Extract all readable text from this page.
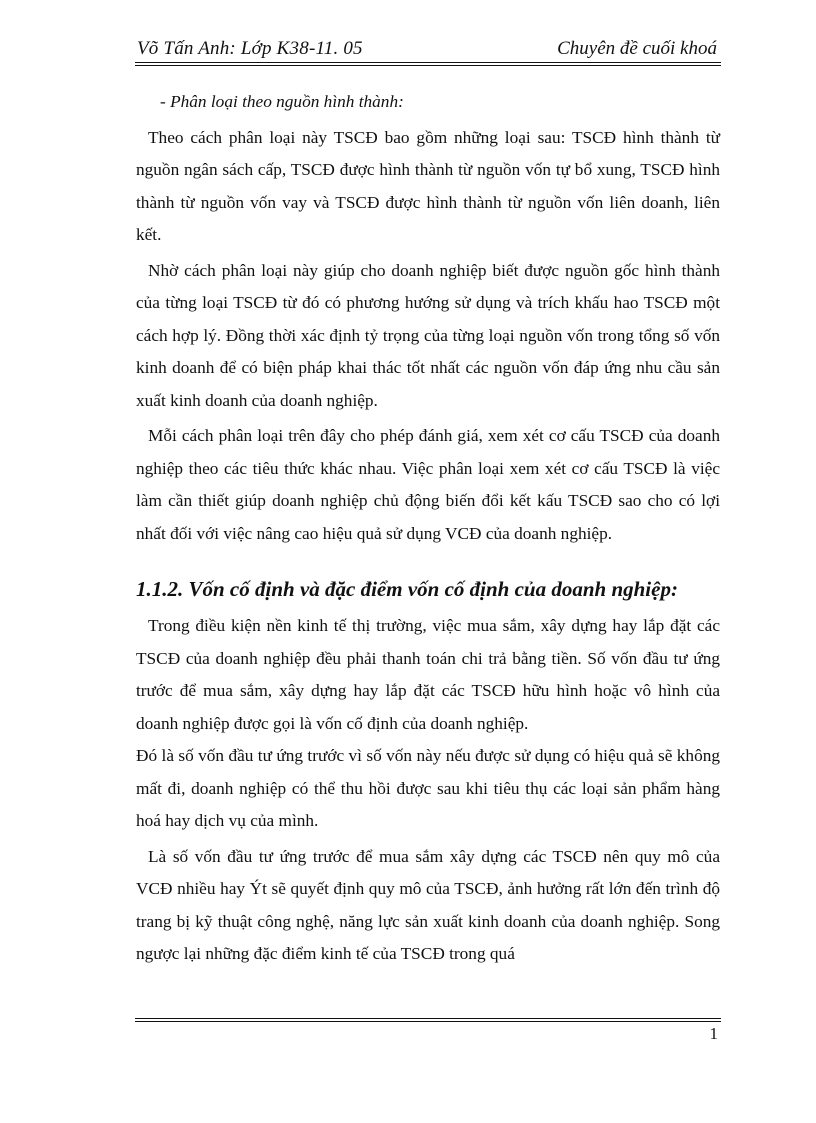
Võ Tấn Anh: Lớp K38-11. 05	Chuyên đề cuối khoá

- Phân loại theo nguồn hình thành:

Theo cách phân loại này TSCĐ bao gồm những loại sau: TSCĐ hình thành từ nguồn ngân sách cấp, TSCĐ được hình thành từ nguồn vốn tự bổ xung, TSCĐ hình thành từ nguồn vốn vay và TSCĐ được hình thành từ nguồn vốn liên doanh, liên kết.

Nhờ cách phân loại này giúp cho doanh nghiệp biết được nguồn gốc hình thành của từng loại TSCĐ từ đó có phương hướng sử dụng và trích khấu hao TSCĐ một cách hợp lý. Đồng thời xác định tỷ trọng của từng loại nguồn vốn trong tổng số vốn kinh doanh để có biện pháp khai thác tốt nhất các nguồn vốn đáp ứng nhu cầu sản xuất kinh doanh của doanh nghiệp.

Mỗi cách phân loại trên đây cho phép đánh giá, xem xét cơ cấu TSCĐ của doanh nghiệp theo các tiêu thức khác nhau. Việc phân loại xem xét cơ cấu TSCĐ là việc làm cần thiết giúp doanh nghiệp chủ động biến đổi kết kấu TSCĐ sao cho có lợi nhất đối với việc nâng cao hiệu quả sử dụng VCĐ của doanh nghiệp.

1.1.2. Vốn cố định và đặc điểm vốn cố định của doanh nghiệp:

Trong điều kiện nền kinh tế thị trường, việc mua sắm, xây dựng hay lắp đặt các TSCĐ của doanh nghiệp đều phải thanh toán chi trả bằng tiền. Số vốn đầu tư ứng trước để mua sắm, xây dựng hay lắp đặt các TSCĐ hữu hình hoặc vô hình của doanh nghiệp được gọi là vốn cố định của doanh nghiệp.

Đó là số vốn đầu tư ứng trước vì số vốn này nếu được sử dụng có hiệu quả sẽ không mất đi, doanh nghiệp có thể thu hồi được sau khi tiêu thụ các loại sản phẩm hàng hoá hay dịch vụ của mình.

Là số vốn đầu tư ứng trước để mua sắm xây dựng các TSCĐ nên quy mô của VCĐ nhiều hay Ýt sẽ quyết định quy mô của TSCĐ, ảnh hưởng rất lớn đến trình độ trang bị kỹ thuật công nghệ, năng lực sản xuất kinh doanh của doanh nghiệp. Song ngược lại những đặc điểm kinh tế của TSCĐ trong quá

1
